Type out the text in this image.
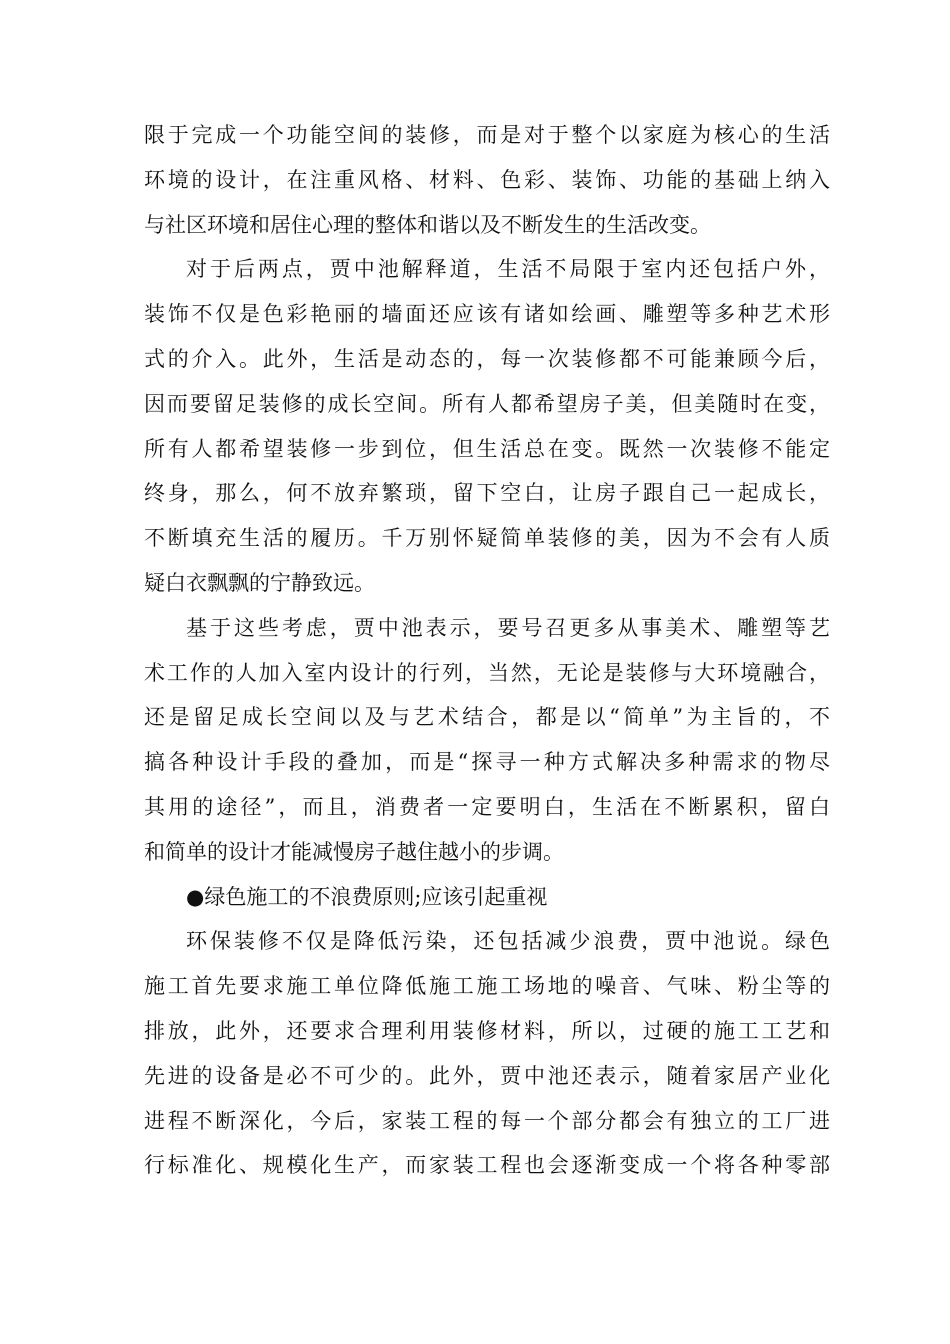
限于完成一个功能空间的装修，而是对于整个以家庭为核心的生活
环境的设计，在注重风格、材料、色彩、装饰、功能的基础上纳入
与社区环境和居住心理的整体和谐以及不断发生的生活改变。
对于后两点，贾中池解释道，生活不局限于室内还包括户外，
装饰不仅是色彩艳丽的墙面还应该有诸如绘画、雕塑等多种艺术形
式的介入。此外，生活是动态的，每一次装修都不可能兼顾今后，
因而要留足装修的成长空间。所有人都希望房子美，但美随时在变，
所有人都希望装修一步到位，但生活总在变。既然一次装修不能定
终身，那么，何不放弃繁琐，留下空白，让房子跟自己一起成长，
不断填充生活的履历。千万别怀疑简单装修的美，因为不会有人质
疑白衣飘飘的宁静致远。
基于这些考虑，贾中池表示，要号召更多从事美术、雕塑等艺
术工作的人加入室内设计的行列，当然，无论是装修与大环境融合，
还是留足成长空间以及与艺术结合，都是以“简单”为主旨的，不
搞各种设计手段的叠加，而是“探寻一种方式解决多种需求的物尽
其用的途径”，而且，消费者一定要明白，生活在不断累积，留白
和简单的设计才能减慢房子越住越小的步调。
●绿色施工的不浪费原则;应该引起重视
环保装修不仅是降低污染，还包括减少浪费，贾中池说。绿色
施工首先要求施工单位降低施工施工场地的噪音、气味、粉尘等的
排放，此外，还要求合理利用装修材料，所以，过硬的施工工艺和
先进的设备是必不可少的。此外，贾中池还表示，随着家居产业化
进程不断深化，今后，家装工程的每一个部分都会有独立的工厂进
行标准化、规模化生产，而家装工程也会逐渐变成一个将各种零部
